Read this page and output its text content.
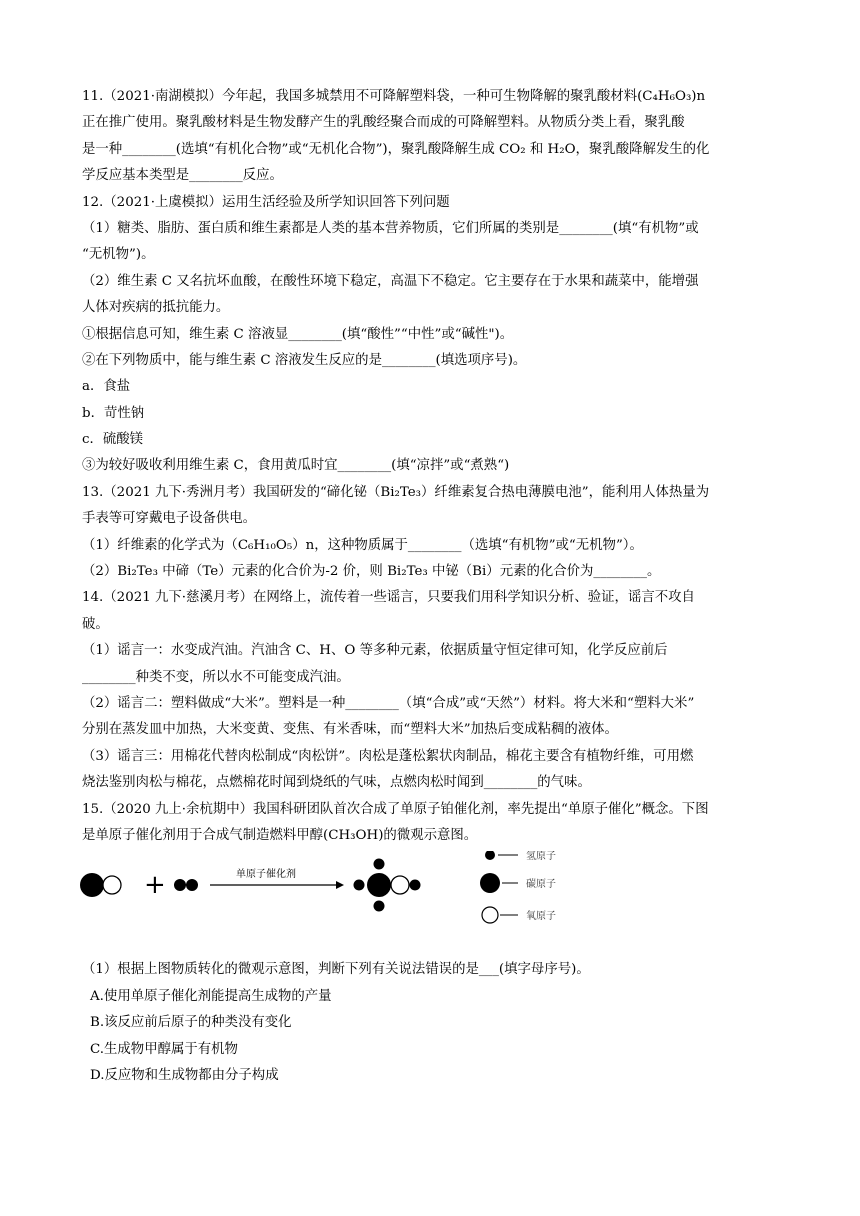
11.（2021·南湖模拟）今年起，我国多城禁用不可降解塑料袋，一种可生物降解的聚乳酸材料(C₄H₆O₃)n
正在推广使用。聚乳酸材料是生物发酵产生的乳酸经聚合而成的可降解塑料。从物质分类上看，聚乳酸
是一种________(选填“有机化合物”或“无机化合物”)，聚乳酸降解生成 CO₂ 和 H₂O，聚乳酸降解发生的化
学反应基本类型是________反应。
12.（2021·上虞模拟）运用生活经验及所学知识回答下列问题
（1）糖类、脂肪、蛋白质和维生素都是人类的基本营养物质，它们所属的类别是________(填“有机物”或
“无机物”)。
（2）维生素 C 又名抗坏血酸，在酸性环境下稳定，高温下不稳定。它主要存在于水果和蔬菜中，能增强
人体对疾病的抵抗能力。
①根据信息可知，维生素 C 溶液显________(填“酸性”“中性”或“碱性")。
②在下列物质中，能与维生素 C 溶液发生反应的是________(填选项序号)。
a．食盐
b．苛性钠
c．硫酸镁
③为较好吸收利用维生素 C，食用黄瓜时宜________(填“凉拌”或“煮熟“)
13.（2021 九下·秀洲月考）我国研发的“碲化铋（Bi₂Te₃）纤维素复合热电薄膜电池”，能利用人体热量为
手表等可穿戴电子设备供电。
（1）纤维素的化学式为（C₆H₁₀O₅）n，这种物质属于________（选填“有机物”或“无机物”）。
（2）Bi₂Te₃ 中碲（Te）元素的化合价为-2 价，则 Bi₂Te₃ 中铋（Bi）元素的化合价为________。
14.（2021 九下·慈溪月考）在网络上，流传着一些谣言，只要我们用科学知识分析、验证，谣言不攻自
破。
（1）谣言一：水变成汽油。汽油含 C、H、O 等多种元素，依据质量守恒定律可知，化学反应前后
________种类不变，所以水不可能变成汽油。
（2）谣言二：塑料做成“大米”。塑料是一种________（填“合成”或“天然”）材料。将大米和“塑料大米”
分别在蒸发皿中加热，大米变黄、变焦、有米香味，而“塑料大米”加热后变成粘稠的液体。
（3）谣言三：用棉花代替肉松制成“肉松饼”。肉松是蓬松絮状肉制品，棉花主要含有植物纤维，可用燃
烧法鉴别肉松与棉花，点燃棉花时闻到烧纸的气味，点燃肉松时闻到________的气味。
15.（2020 九上·余杭期中）我国科研团队首次合成了单原子铂催化剂，率先提出“单原子催化”概念。下图
是单原子催化剂用于合成气制造燃料甲醇(CH₃OH)的微观示意图。
+	单原子催化剂
氢原子
碳原子
氧原子
（1）根据上图物质转化的微观示意图，判断下列有关说法错误的是___(填字母序号)。
A.使用单原子催化剂能提高生成物的产量
B.该反应前后原子的种类没有变化
C.生成物甲醇属于有机物
D.反应物和生成物都由分子构成
